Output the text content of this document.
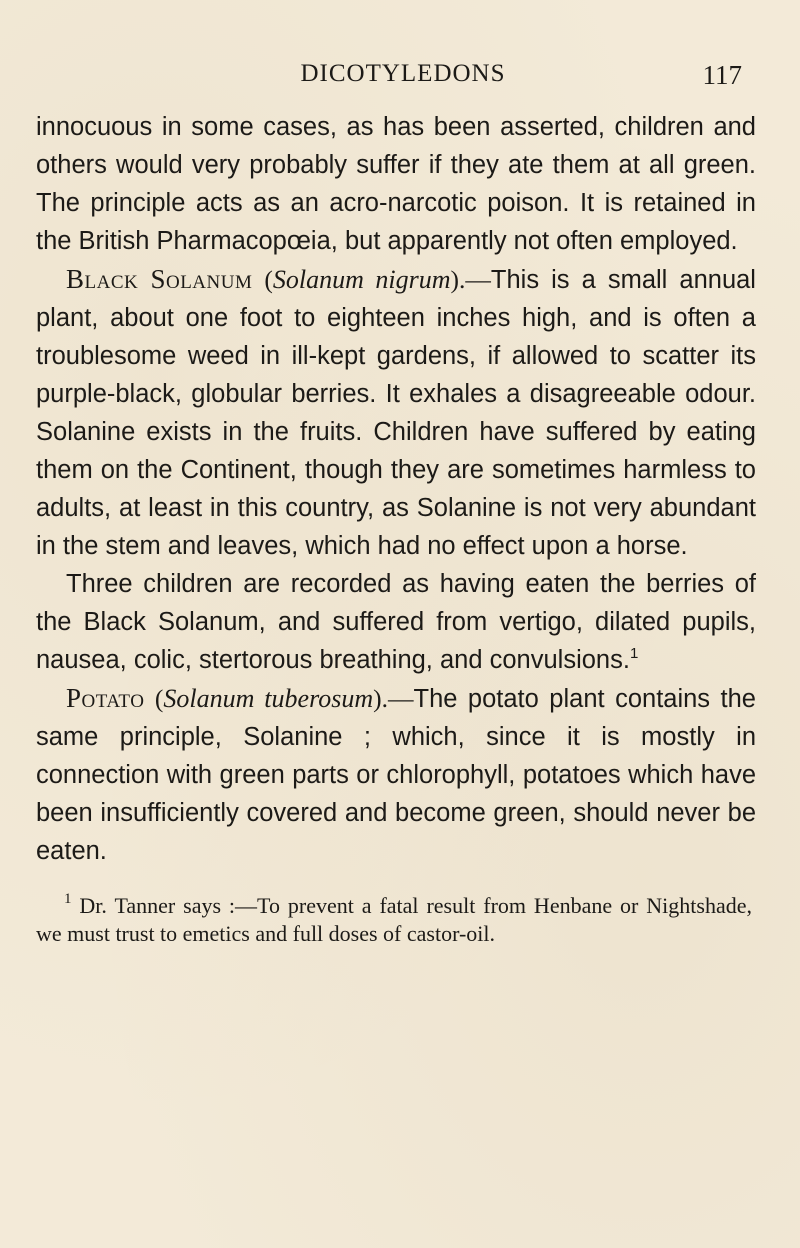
DICOTYLEDONS	117

innocuous in some cases, as has been asserted, children and others would very probably suffer if they ate them at all green. The principle acts as an acro-narcotic poison. It is retained in the British Pharmacopœia, but apparently not often employed.

Black Solanum (Solanum nigrum).—This is a small annual plant, about one foot to eighteen inches high, and is often a troublesome weed in ill-kept gardens, if allowed to scatter its purple-black, globular berries. It exhales a disagreeable odour. Solanine exists in the fruits. Children have suffered by eating them on the Continent, though they are sometimes harmless to adults, at least in this country, as Solanine is not very abundant in the stem and leaves, which had no effect upon a horse.

Three children are recorded as having eaten the berries of the Black Solanum, and suffered from vertigo, dilated pupils, nausea, colic, stertorous breathing, and convulsions.$^1$

Potato (Solanum tuberosum).—The potato plant contains the same principle, Solanine ; which, since it is mostly in connection with green parts or chlorophyll, potatoes which have been insufficiently covered and become green, should never be eaten.

$^1$ Dr. Tanner says :—To prevent a fatal result from Henbane or Nightshade, we must trust to emetics and full doses of castor-oil.
